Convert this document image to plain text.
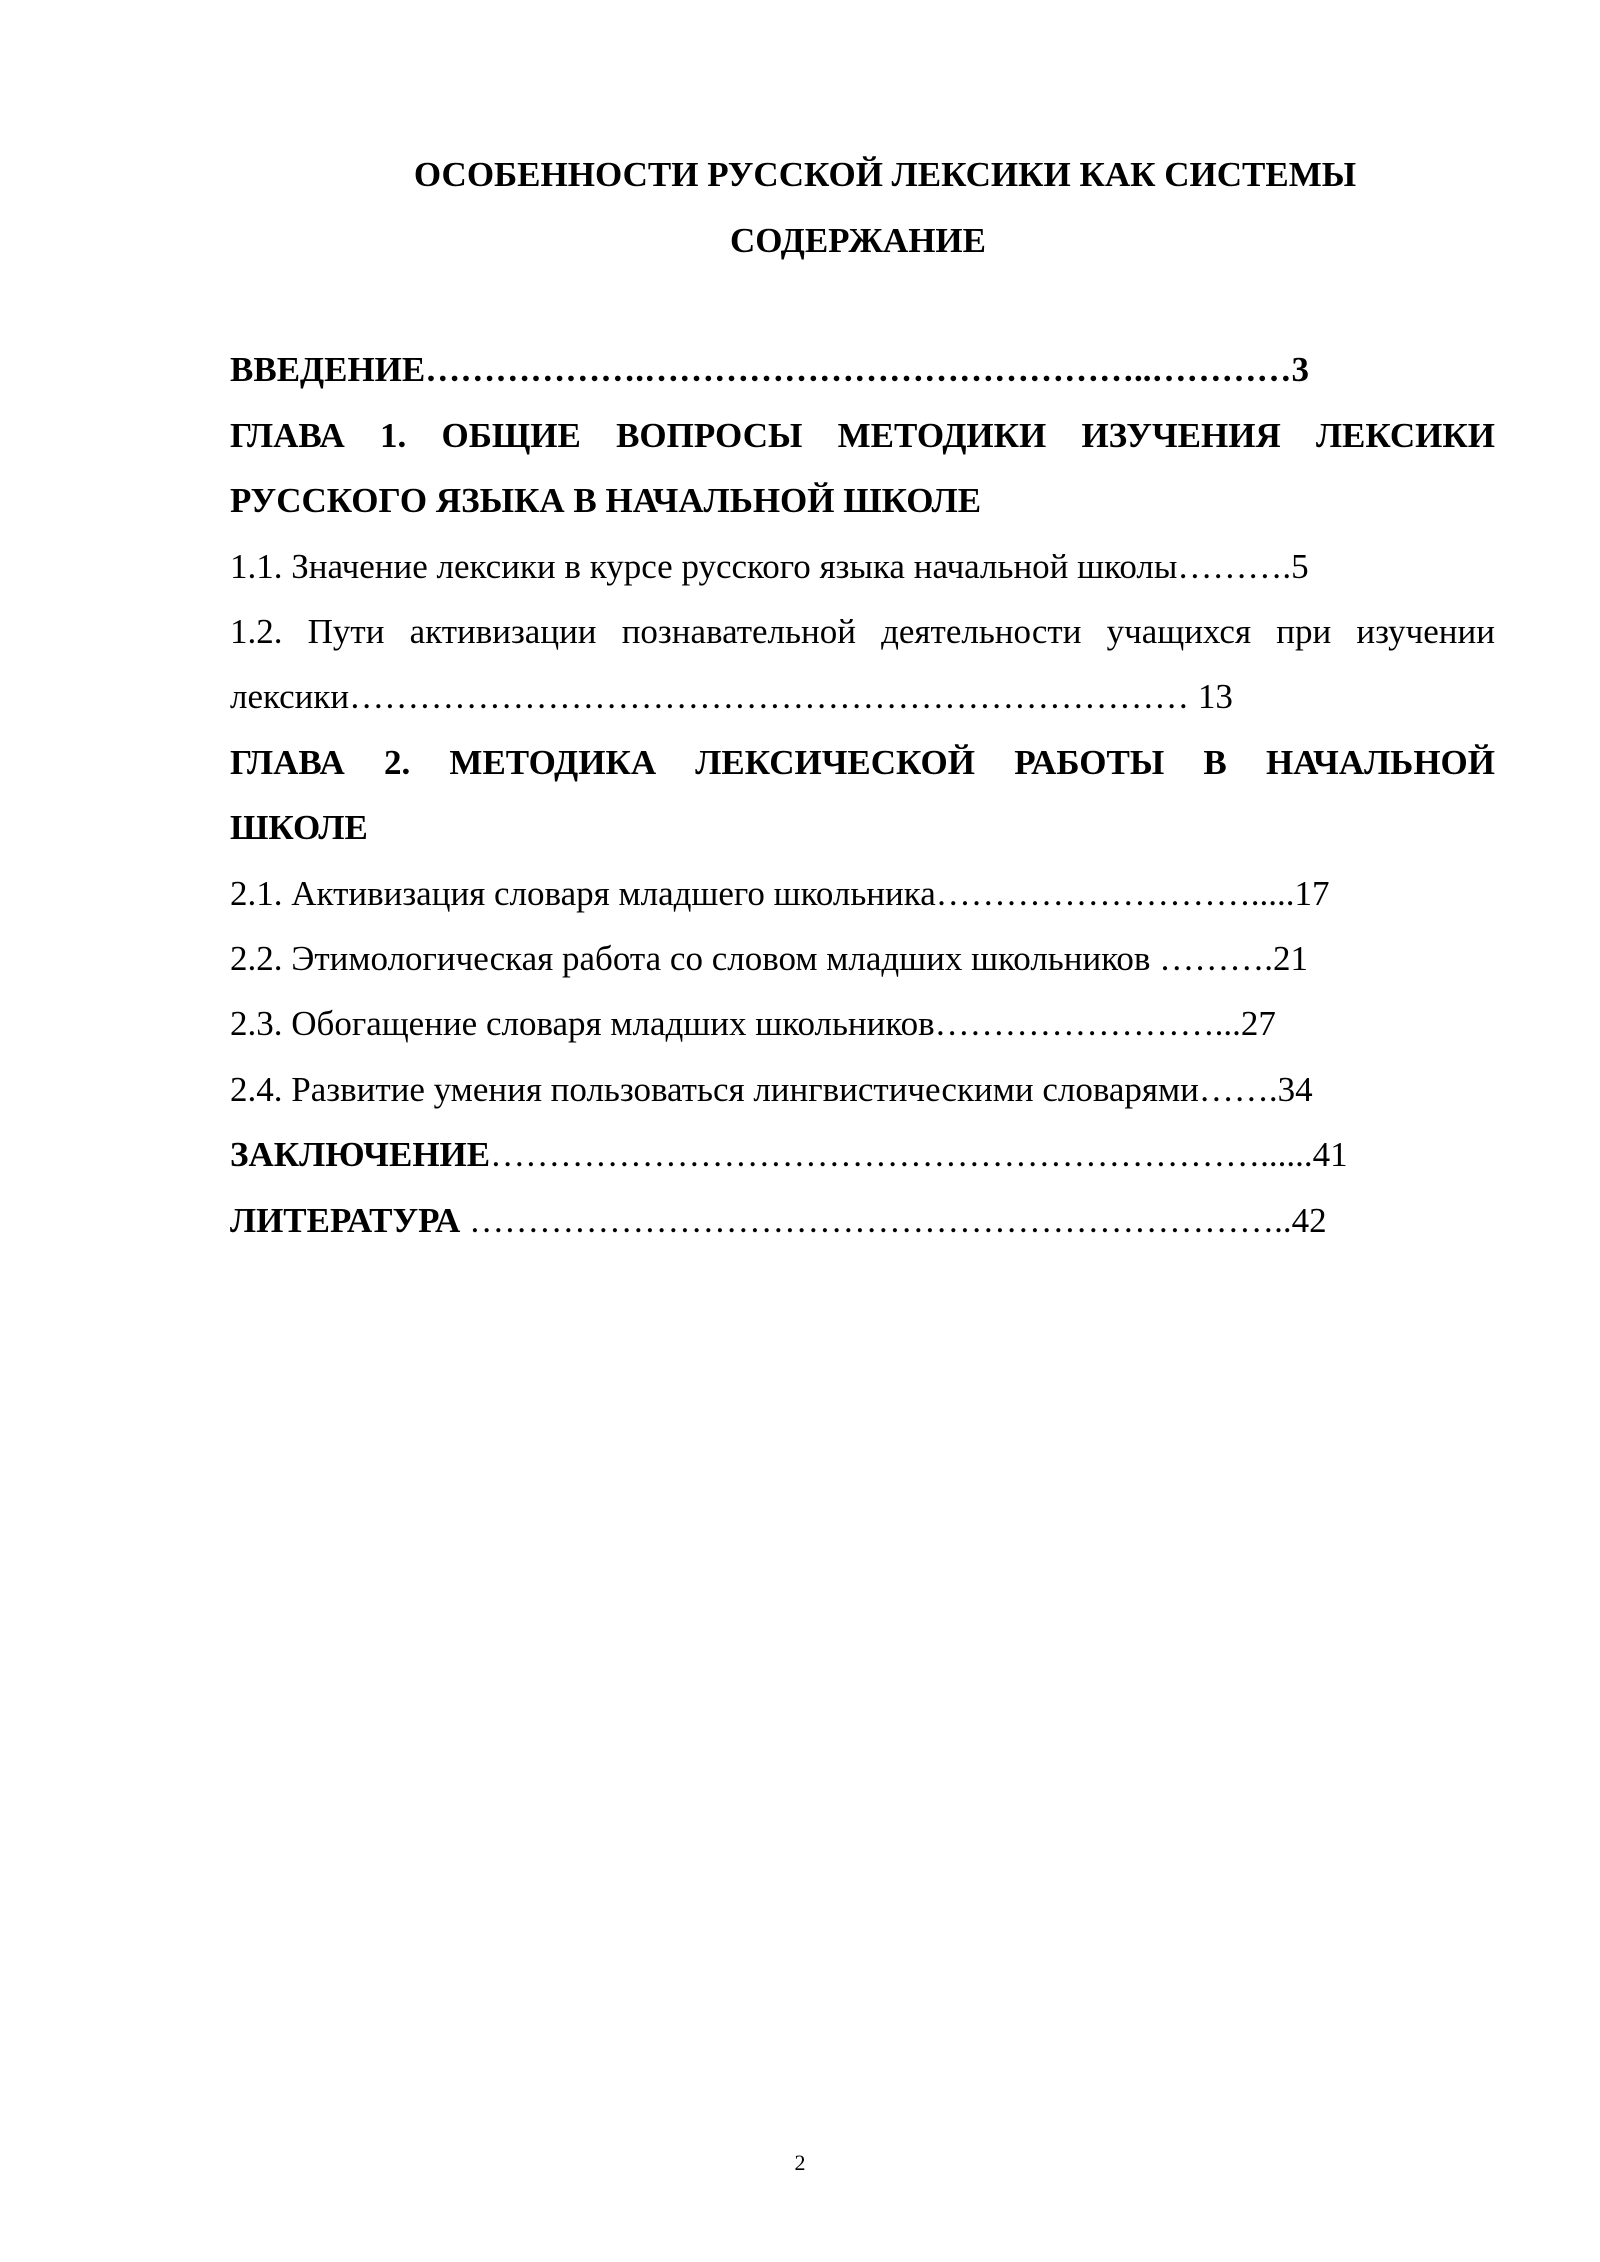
ОСОБЕННОСТИ РУССКОЙ ЛЕКСИКИ КАК СИСТЕМЫ
СОДЕРЖАНИЕ
ВВЕДЕНИЕ……………….……………………………………..…………3
ГЛАВА 1. ОБЩИЕ ВОПРОСЫ МЕТОДИКИ ИЗУЧЕНИЯ ЛЕКСИКИ
РУССКОГО ЯЗЫКА В НАЧАЛЬНОЙ ШКОЛЕ
1.1. Значение лексики в курсе русского языка начальной школы……….5
1.2. Пути активизации познавательной деятельности учащихся при изучении
лексики……………………………………………………………… 13
ГЛАВА 2. МЕТОДИКА ЛЕКСИЧЕСКОЙ РАБОТЫ В НАЧАЛЬНОЙ
ШКОЛЕ
2.1. Активизация словаря младшего школьника……………………….....17
2.2. Этимологическая работа со словом младших школьников ……….21
2.3. Обогащение словаря младших школьников……………………...27
2.4. Развитие умения пользоваться лингвистическими словарями…….34
ЗАКЛЮЧЕНИЕ…………………………………………………………......41
ЛИТЕРАТУРА ……………………………………………………………..42
2
